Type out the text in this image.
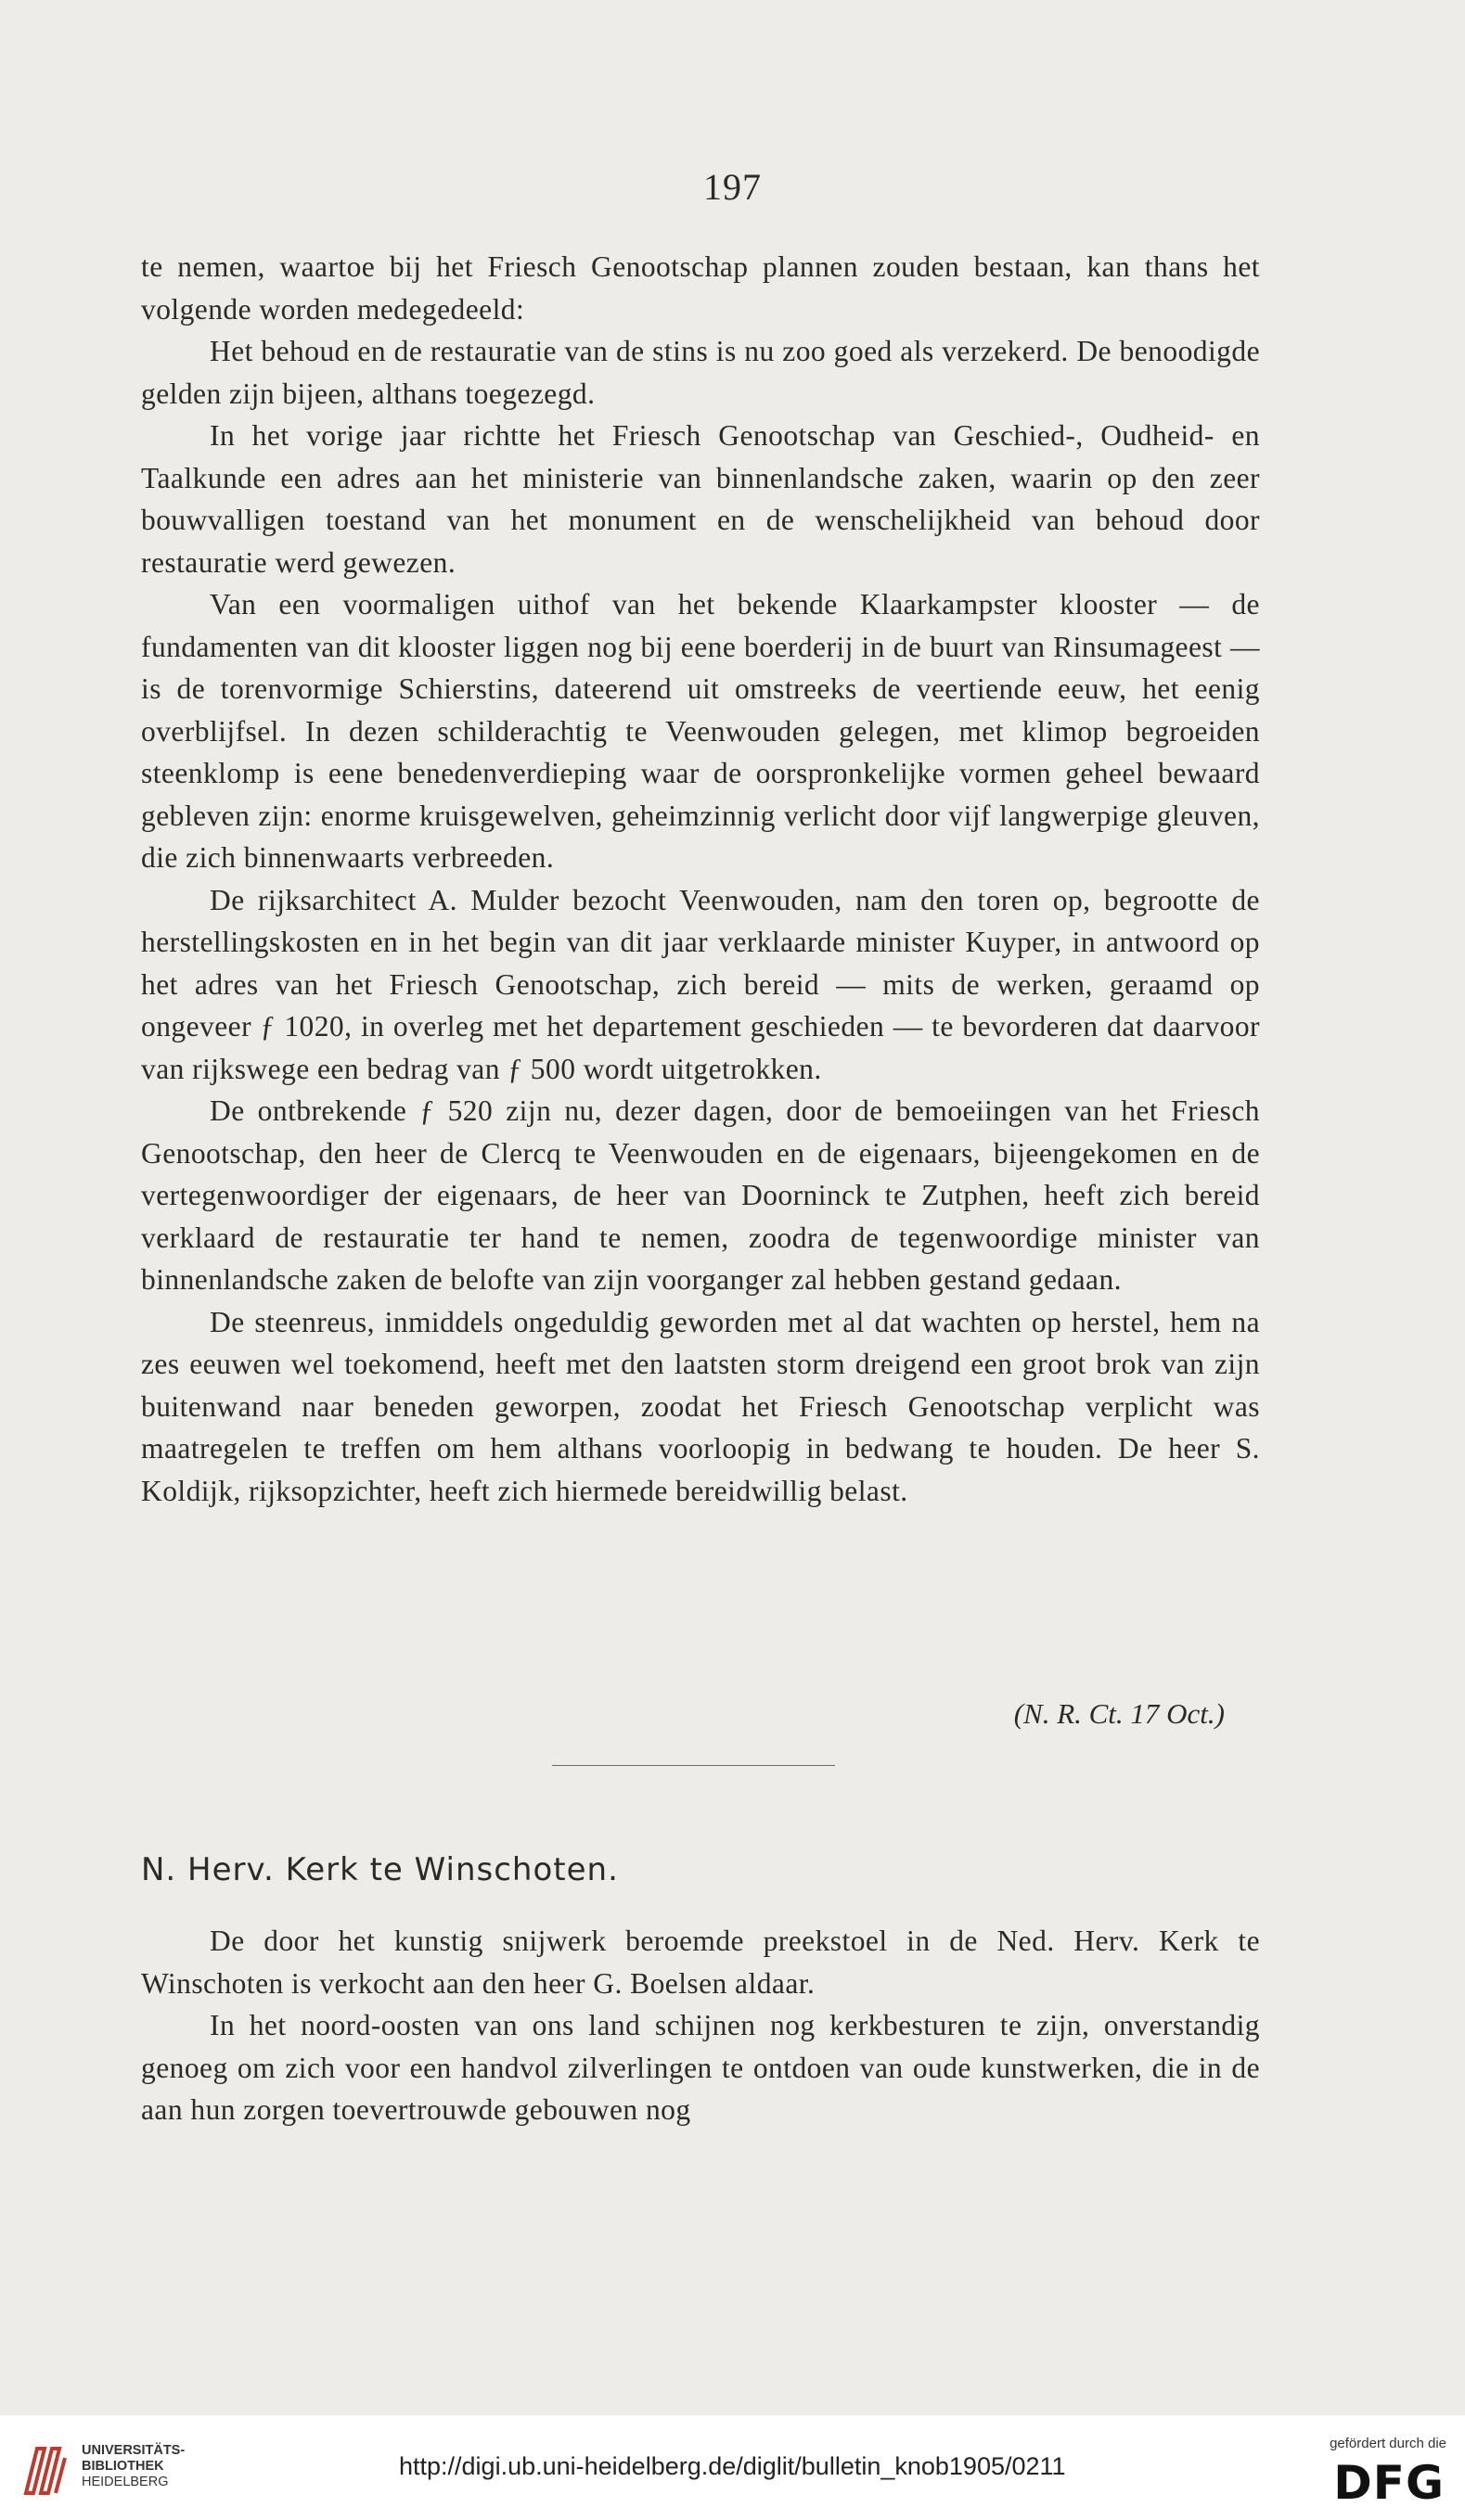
197

te nemen, waartoe bij het Friesch Genootschap plannen zouden bestaan, kan thans het volgende worden medegedeeld:

Het behoud en de restauratie van de stins is nu zoo goed als verzekerd. De benoodigde gelden zijn bijeen, althans toegezegd.

In het vorige jaar richtte het Friesch Genootschap van Geschied-, Oudheid- en Taalkunde een adres aan het ministerie van binnenlandsche zaken, waarin op den zeer bouwvalligen toestand van het monument en de wenschelijkheid van behoud door restauratie werd gewezen.

Van een voormaligen uithof van het bekende Klaarkampster klooster — de fundamenten van dit klooster liggen nog bij eene boerderij in de buurt van Rinsumageest — is de torenvormige Schierstins, dateerend uit omstreeks de veertiende eeuw, het eenig overblijfsel. In dezen schilderachtig te Veenwouden gelegen, met klimop begroeiden steenklomp is eene benedenverdieping waar de oorspronkelijke vormen geheel bewaard gebleven zijn: enorme kruisgewelven, geheimzinnig verlicht door vijf langwerpige gleuven, die zich binnenwaarts verbreeden.

De rijksarchitect A. Mulder bezocht Veenwouden, nam den toren op, begrootte de herstellingskosten en in het begin van dit jaar verklaarde minister Kuyper, in antwoord op het adres van het Friesch Genootschap, zich bereid — mits de werken, geraamd op ongeveer ƒ 1020, in overleg met het departement geschieden — te bevorderen dat daarvoor van rijkswege een bedrag van ƒ 500 wordt uitgetrokken.

De ontbrekende ƒ 520 zijn nu, dezer dagen, door de bemoeiingen van het Friesch Genootschap, den heer de Clercq te Veenwouden en de eigenaars, bijeengekomen en de vertegenwoordiger der eigenaars, de heer van Doorninck te Zutphen, heeft zich bereid verklaard de restauratie ter hand te nemen, zoodra de tegenwoordige minister van binnenlandsche zaken de belofte van zijn voorganger zal hebben gestand gedaan.

De steenreus, inmiddels ongeduldig geworden met al dat wachten op herstel, hem na zes eeuwen wel toekomend, heeft met den laatsten storm dreigend een groot brok van zijn buitenwand naar beneden geworpen, zoodat het Friesch Genootschap verplicht was maatregelen te treffen om hem althans voorloopig in bedwang te houden. De heer S. Koldijk, rijksopzichter, heeft zich hiermede bereidwillig belast.

(N. R. Ct. 17 Oct.)
N. Herv. Kerk te Winschoten.

De door het kunstig snijwerk beroemde preekstoel in de Ned. Herv. Kerk te Winschoten is verkocht aan den heer G. Boelsen aldaar.

In het noord-oosten van ons land schijnen nog kerkbesturen te zijn, onverstandig genoeg om zich voor een handvol zilverlingen te ontdoen van oude kunstwerken, die in de aan hun zorgen toevertrouwde gebouwen nog

UNIVERSITÄTS-
BIBLIOTHEK
HEIDELBERG
http://digi.ub.uni-heidelberg.de/diglit/bulletin_knob1905/0211
gefördert durch die
DFG
